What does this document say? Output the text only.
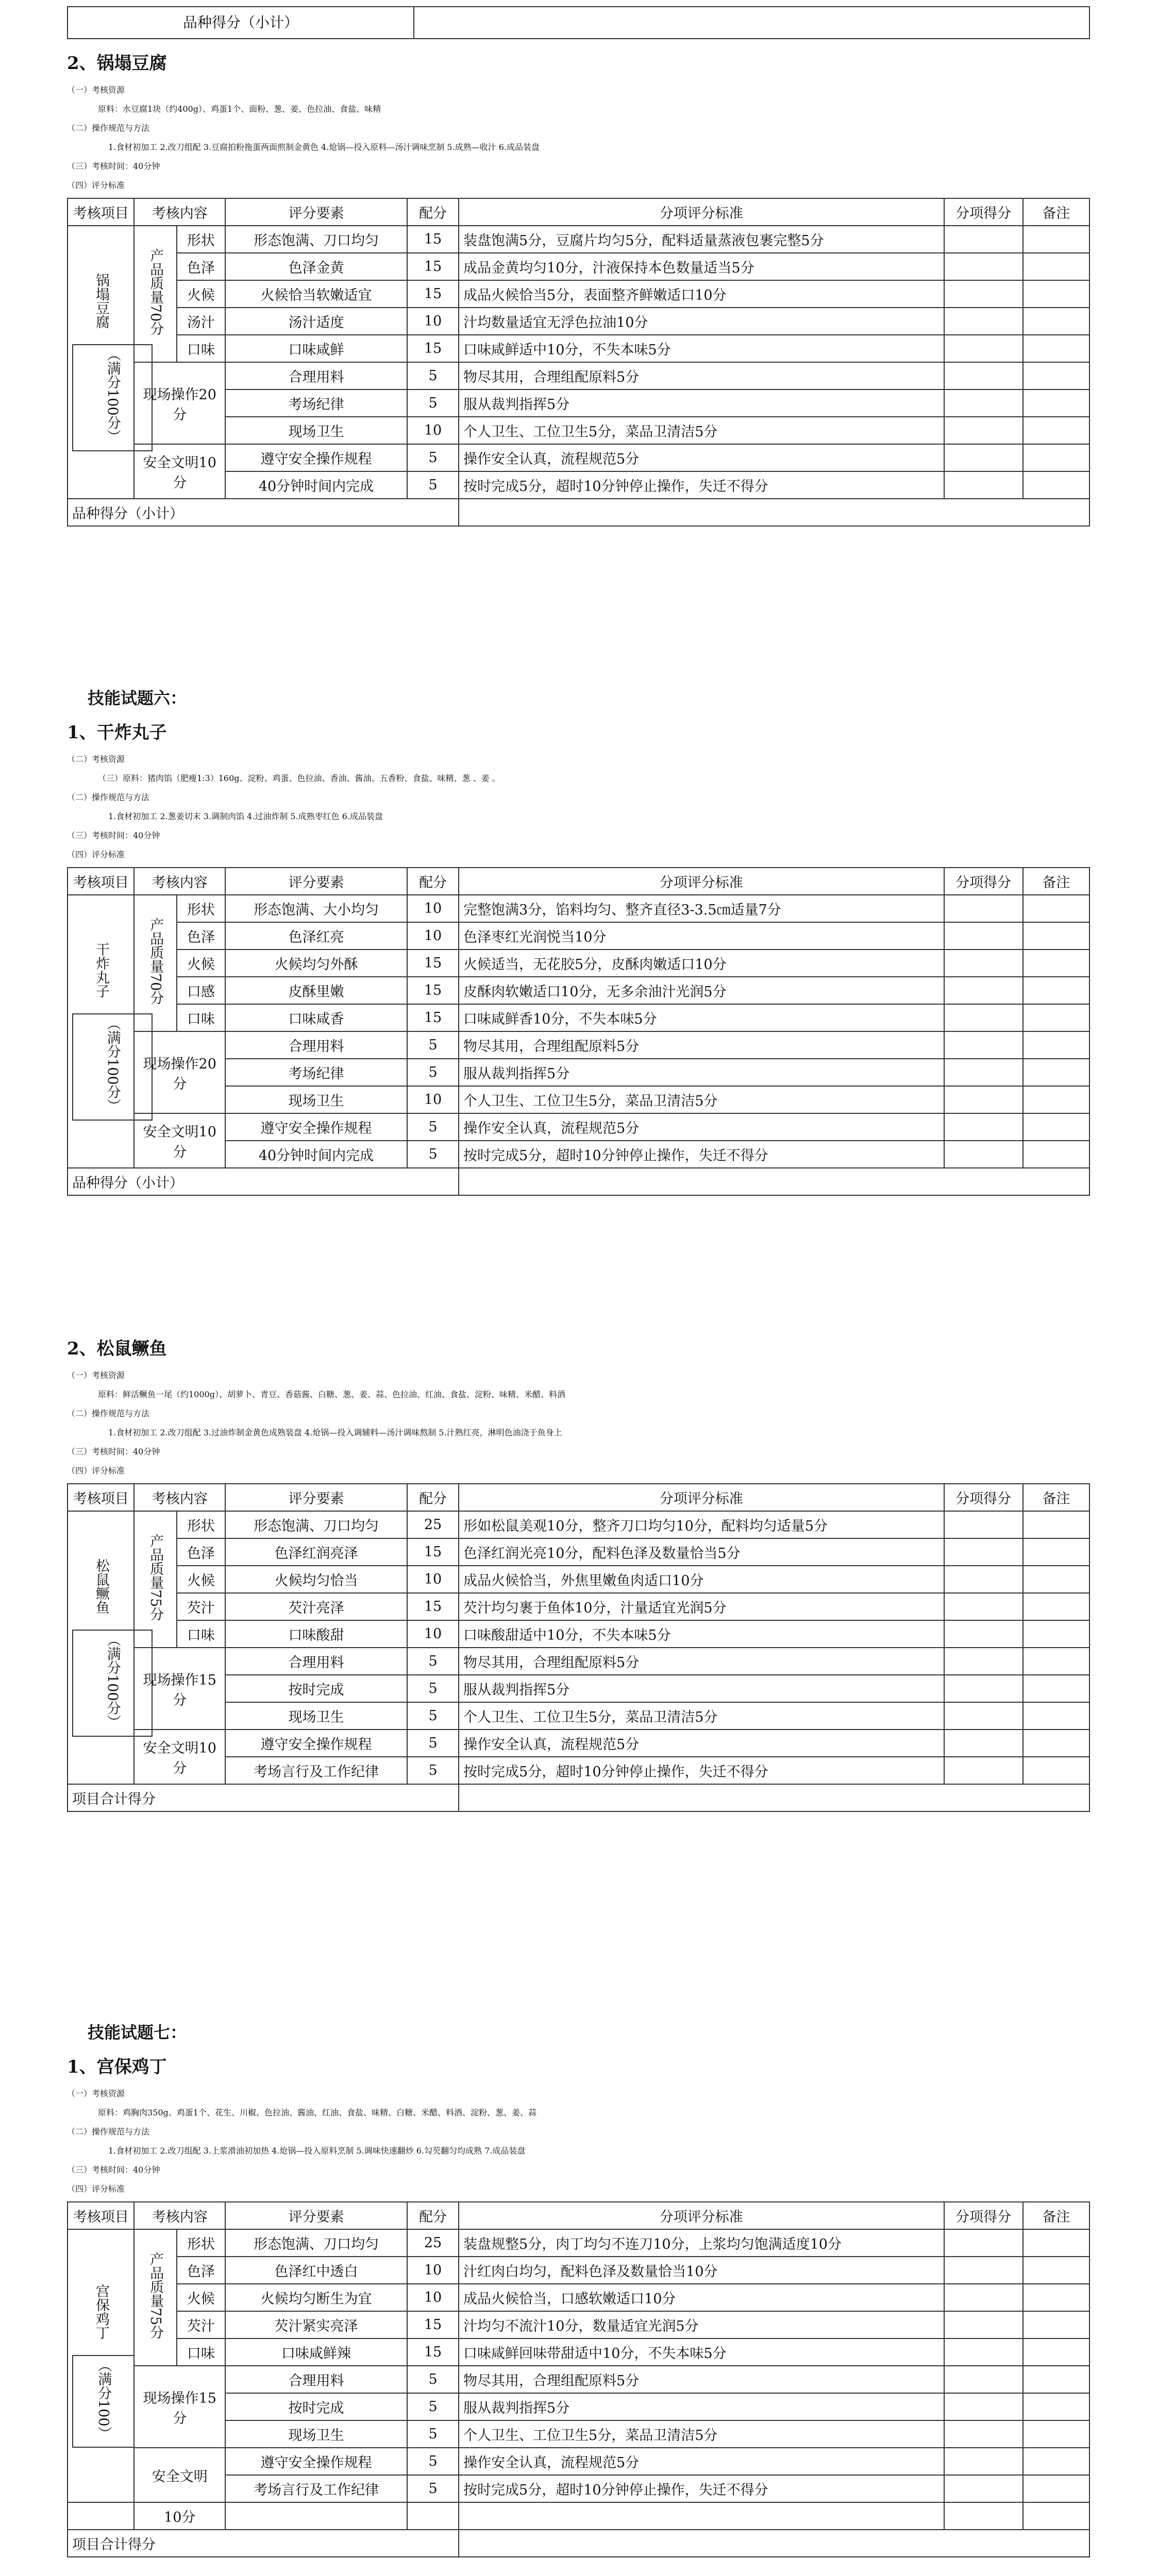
品种得分（小计）
2、锅塌豆腐
（一）考核资源
原料：水豆腐1块（约400g）、鸡蛋1个、面粉、葱、姜、色拉油、食盐、味精
（二）操作规范与方法
1.食材初加工 2.改刀组配 3.豆腐拍粉拖蛋两面煎制金黄色 4.炝锅—投入原料—汤汁调味烹制 5.成熟—收汁 6.成品装盘
（三）考核时间：40分钟
（四）评分标准
考核项目	考核内容		评分要素	配分	分项评分标准	分项得分	备注

锅塌豆腐
（满分100分）	产品质量70分	形状	形态饱满、刀口均匀	15	装盘饱满5分，豆腐片均匀5分，配料适量蒸液包裹完整5分		
		色泽	色泽金黄	15	成品金黄均匀10分，汁液保持本色数量适当5分		
		火候	火候恰当软嫩适宜	15	成品火候恰当5分，表面整齐鲜嫩适口10分		
		汤汁	汤汁适度	10	汁均数量适宜无浮色拉油10分		
		口味	口味咸鲜	15	口味咸鲜适中10分，不失本味5分		
	现场操作20分		合理用料	5	物尽其用，合理组配原料5分		
			考场纪律	5	服从裁判指挥5分		
			现场卫生	10	个人卫生、工位卫生5分，菜品卫清洁5分		
	安全文明10分		遵守安全操作规程	5	操作安全认真，流程规范5分		
			40分钟时间内完成	5	按时完成5分，超时10分钟停止操作，失迁不得分		
品种得分（小计）							
技能试题六：
1、干炸丸子
（二）考核资源
（三）原料：猪肉馅（肥瘦1:3）160g、淀粉、鸡蛋、色拉油、香油、酱油、五香粉、食盐、味精、葱 、姜 。
（二）操作规范与方法
1.食材初加工 2.葱姜切末 3.调制肉馅 4.过油炸制 5.成熟枣红色 6.成品装盘
（三）考核时间：40分钟
（四）评分标准
考核项目	考核内容		评分要素	配分	分项评分标准	分项得分	备注

干炸丸子
（满分100分）	产品质量70分	形状	形态饱满、大小均匀	10	完整饱满3分，馅料均匀、整齐直径3-3.5㎝适量7分		
		色泽	色泽红亮	10	色泽枣红光润悦当10分		
		火候	火候均匀外酥	15	火候适当，无花胶5分，皮酥肉嫩适口10分		
		口感	皮酥里嫩	15	皮酥肉软嫩适口10分，无多余油汁光润5分		
		口味	口味咸香	15	口味咸鲜香10分，不失本味5分		
	现场操作20分		合理用料	5	物尽其用，合理组配原料5分		
			考场纪律	5	服从裁判指挥5分		
			现场卫生	10	个人卫生、工位卫生5分，菜品卫清洁5分		
	安全文明10分		遵守安全操作规程	5	操作安全认真，流程规范5分		
			40分钟时间内完成	5	按时完成5分，超时10分钟停止操作，失迁不得分		
品种得分（小计）							
2、松鼠鳜鱼
（一）考核资源
原料：鲜活鳜鱼一尾（约1000g）、胡萝卜、青豆、香菇酱、白糖、葱、姜、蒜、色拉油、红油、食盐、淀粉、味精、米醋、料酒
（二）操作规范与方法
1.食材初加工 2.改刀组配 3.过油炸制金黄色成熟装盘 4.炝锅—投入调辅料—汤汁调味熬制 5.汁熟红亮，淋明色油浇于鱼身上
（三）考核时间：40分钟
（四）评分标准
考核项目	考核内容		评分要素	配分	分项评分标准	分项得分	备注

松鼠鳜鱼
（满分100分）	产品质量75分	形状	形态饱满、刀口均匀	25	形如松鼠美观10分，整齐刀口均匀10分，配料均匀适量5分		
		色泽	色泽红润亮泽	15	色泽红润光亮10分，配料色泽及数量恰当5分		
		火候	火候均匀恰当	10	成品火候恰当，外焦里嫩鱼肉适口10分		
		芡汁	芡汁亮泽	15	芡汁均匀裹于鱼体10分，汁量适宜光润5分		
		口味	口味酸甜	10	口味酸甜适中10分，不失本味5分		
	现场操作15分		合理用料	5	物尽其用，合理组配原料5分		
			按时完成	5	服从裁判指挥5分		
			现场卫生	5	个人卫生、工位卫生5分，菜品卫清洁5分		
	安全文明10分		遵守安全操作规程	5	操作安全认真，流程规范5分		
			考场言行及工作纪律	5	按时完成5分，超时10分钟停止操作，失迁不得分		
项目合计得分							
技能试题七：
1、宫保鸡丁
（一）考核资源
原料：鸡胸肉350g、鸡蛋1个、花生、川椒、色拉油、酱油、红油、食盐、味精、白糖、米醋、料酒、淀粉、葱、姜、蒜
（二）操作规范与方法
1.食材初加工 2.改刀组配 3.上浆滑油初加热 4.炝锅—投入原料烹制 5.调味快速翻炒 6.勾芡翻匀均成熟 7.成品装盘
（三）考核时间：40分钟
（四）评分标准
考核项目	考核内容		评分要素	配分	分项评分标准	分项得分	备注

宫保鸡丁
（满分100）	产品质量75分	形状	形态饱满、刀口均匀	25	装盘规整5分，肉丁均匀不连刀10分，上浆均匀饱满适度10分		
		色泽	色泽红中透白	10	汁红肉白均匀，配料色泽及数量恰当10分		
		火候	火候均匀断生为宜	10	成品火候恰当，口感软嫩适口10分		
		芡汁	芡汁紧实亮泽	15	汁均匀不流汁10分，数量适宜光润5分		
		口味	口味咸鲜辣	15	口味咸鲜回味带甜适中10分，不失本味5分		
	现场操作15分		合理用料	5	物尽其用，合理组配原料5分		
			按时完成	5	服从裁判指挥5分		
			现场卫生	5	个人卫生、工位卫生5分，菜品卫清洁5分		
	安全文明		遵守安全操作规程	5	操作安全认真，流程规范5分		
			考场言行及工作纪律	5	按时完成5分，超时10分钟停止操作，失迁不得分		
	10分						
项目合计得分							
